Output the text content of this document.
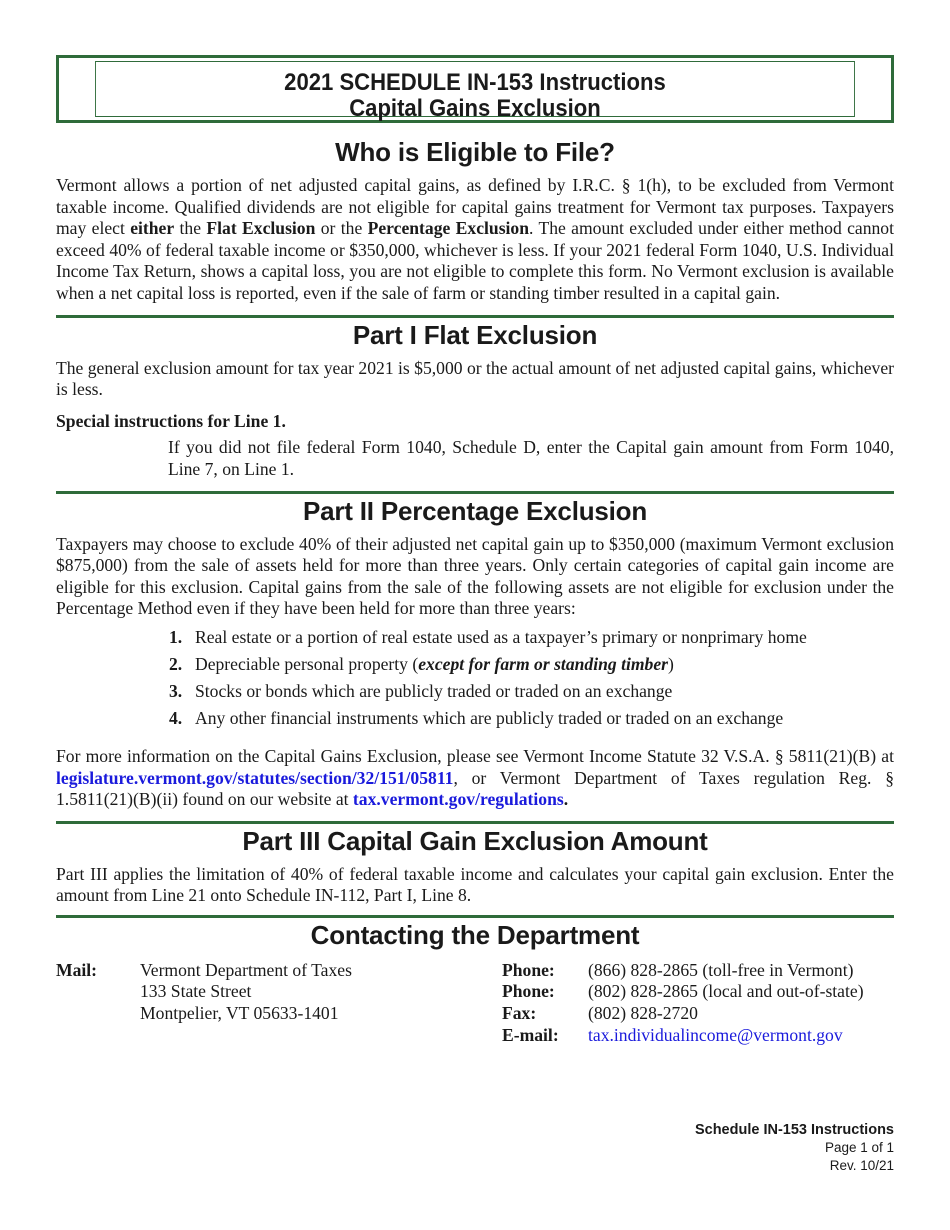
2021 SCHEDULE IN-153 Instructions
Capital Gains Exclusion
Who is Eligible to File?

Vermont allows a portion of net adjusted capital gains, as defined by I.R.C. § 1(h), to be excluded from Vermont taxable income. Qualified dividends are not eligible for capital gains treatment for Vermont tax purposes. Taxpayers may elect either the Flat Exclusion or the Percentage Exclusion. The amount excluded under either method cannot exceed 40% of federal taxable income or $350,000, whichever is less. If your 2021 federal Form 1040, U.S. Individual Income Tax Return, shows a capital loss, you are not eligible to complete this form. No Vermont exclusion is available when a net capital loss is reported, even if the sale of farm or standing timber resulted in a capital gain.

Part I Flat Exclusion

The general exclusion amount for tax year 2021 is $5,000 or the actual amount of net adjusted capital gains, whichever is less.

Special instructions for Line 1.

If you did not file federal Form 1040, Schedule D, enter the Capital gain amount from Form 1040, Line 7, on Line 1.

Part II Percentage Exclusion

Taxpayers may choose to exclude 40% of their adjusted net capital gain up to $350,000 (maximum Vermont exclusion $875,000) from the sale of assets held for more than three years. Only certain categories of capital gain income are eligible for this exclusion. Capital gains from the sale of the following assets are not eligible for exclusion under the Percentage Method even if they have been held for more than three years:

1. Real estate or a portion of real estate used as a taxpayer’s primary or nonprimary home
2. Depreciable personal property (except for farm or standing timber)
3. Stocks or bonds which are publicly traded or traded on an exchange
4. Any other financial instruments which are publicly traded or traded on an exchange

For more information on the Capital Gains Exclusion, please see Vermont Income Statute 32 V.S.A. § 5811(21)(B) at legislature.vermont.gov/statutes/section/32/151/05811, or Vermont Department of Taxes regulation Reg. § 1.5811(21)(B)(ii) found on our website at tax.vermont.gov/regulations.

Part III Capital Gain Exclusion Amount

Part III applies the limitation of 40% of federal taxable income and calculates your capital gain exclusion. Enter the amount from Line 21 onto Schedule IN-112, Part I, Line 8.

Contacting the Department
Mail:	Vermont Department of Taxes
133 State Street
Montpelier, VT 05633-1401
Phone:	(866) 828-2865 (toll-free in Vermont)
Phone:	(802) 828-2865 (local and out-of-state)
Fax:	(802) 828-2720
E-mail:	tax.individualincome@vermont.gov
Schedule IN-153 Instructions
Page 1 of 1
Rev. 10/21
